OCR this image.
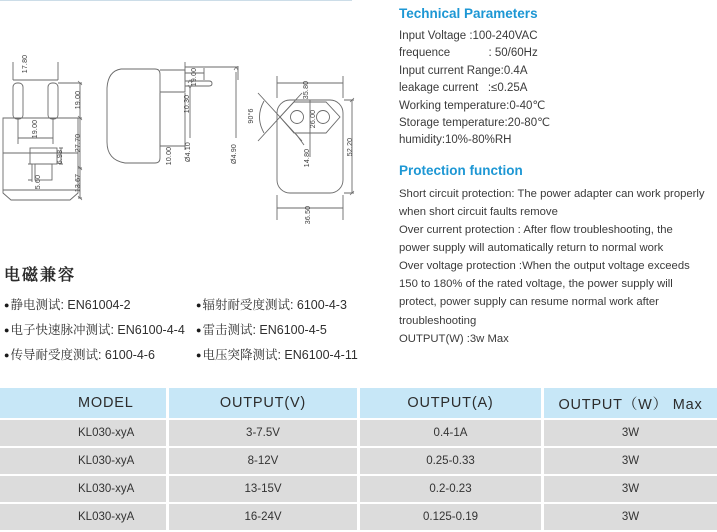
17.80
19.00
27.70
13.67
19.00
6.98
5.60
19.00
10.30
10.00 Ø4.10	Ø4.90
35.80
26.00
14.80
52.20
36.50
90°6
Technical Parameters

Input Voltage :100-240VAC

frequence            : 50/60Hz

Input current Range:0.4A

leakage current   :≤0.25A

Working temperature:0-40℃

Storage temperature:20-80℃

humidity:10%-80%RH

Protection function

Short circuit protection: The power adapter can work properly

when short circuit faults remove

Over current protection : After flow troubleshooting, the

power supply will automatically return to normal work

Over voltage protection :When the output voltage exceeds

150 to 180% of the rated voltage, the power supply will

protect, power supply can resume normal work after

troubleshooting

OUTPUT(W) :3w Max

电磁兼容
●静电测试: EN61004-2	●辐射耐受度测试: 6100-4-3
●电子快速脉冲测试: EN6100-4-4	●雷击测试: EN6100-4-5
●传导耐受度测试: 6100-4-6	●电压突降测试: EN6100-4-11
MODEL	OUTPUT(V)	OUTPUT(A)	OUTPUT（W） Max
KL030-xyA	3-7.5V	0.4-1A	3W
KL030-xyA	8-12V	0.25-0.33	3W
KL030-xyA	13-15V	0.2-0.23	3W
KL030-xyA	16-24V	0.125-0.19	3W
